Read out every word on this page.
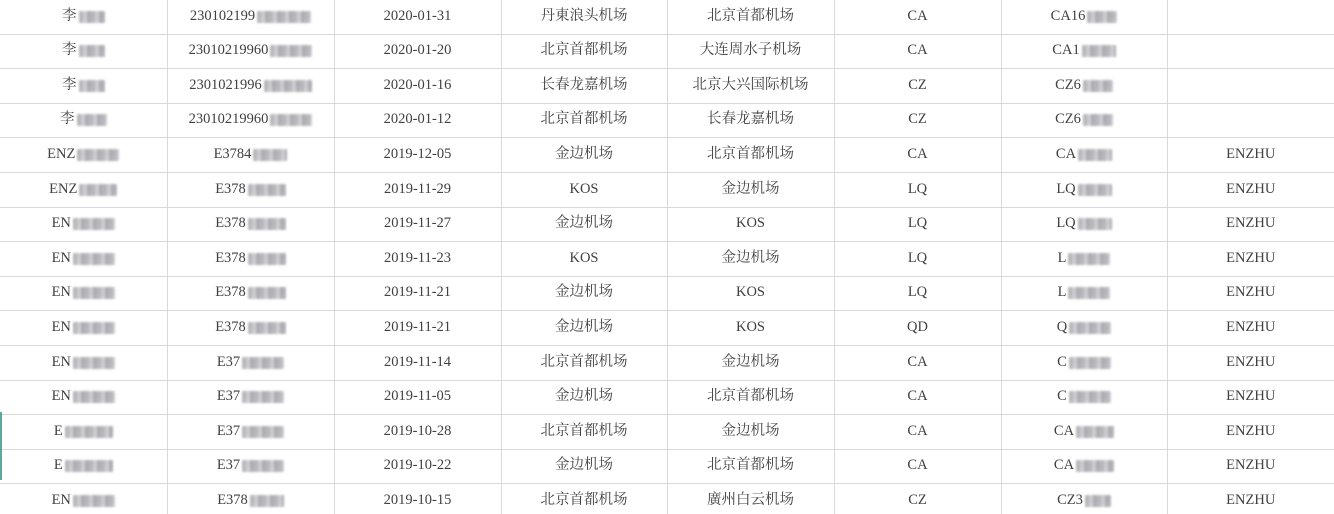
李	230102199	2020-01-31	丹東浪头机场	北京首都机场	CA	CA16	
李	23010219960	2020-01-20	北京首都机场	大连周水子机场	CA	CA1	
李	2301021996	2020-01-16	长春龙嘉机场	北京大兴国际机场	CZ	CZ6	
李	23010219960	2020-01-12	北京首都机场	长春龙嘉机场	CZ	CZ6	
ENZ	E3784	2019-12-05	金边机场	北京首都机场	CA	CA	ENZHU
ENZ	E378	2019-11-29	KOS	金边机场	LQ	LQ	ENZHU
EN	E378	2019-11-27	金边机场	KOS	LQ	LQ	ENZHU
EN	E378	2019-11-23	KOS	金边机场	LQ	L	ENZHU
EN	E378	2019-11-21	金边机场	KOS	LQ	L	ENZHU
EN	E378	2019-11-21	金边机场	KOS	QD	Q	ENZHU
EN	E37	2019-11-14	北京首都机场	金边机场	CA	C	ENZHU
EN	E37	2019-11-05	金边机场	北京首都机场	CA	C	ENZHU
E	E37	2019-10-28	北京首都机场	金边机场	CA	CA	ENZHU
E	E37	2019-10-22	金边机场	北京首都机场	CA	CA	ENZHU
EN	E378	2019-10-15	北京首都机场	廣州白云机场	CZ	CZ3	ENZHU
